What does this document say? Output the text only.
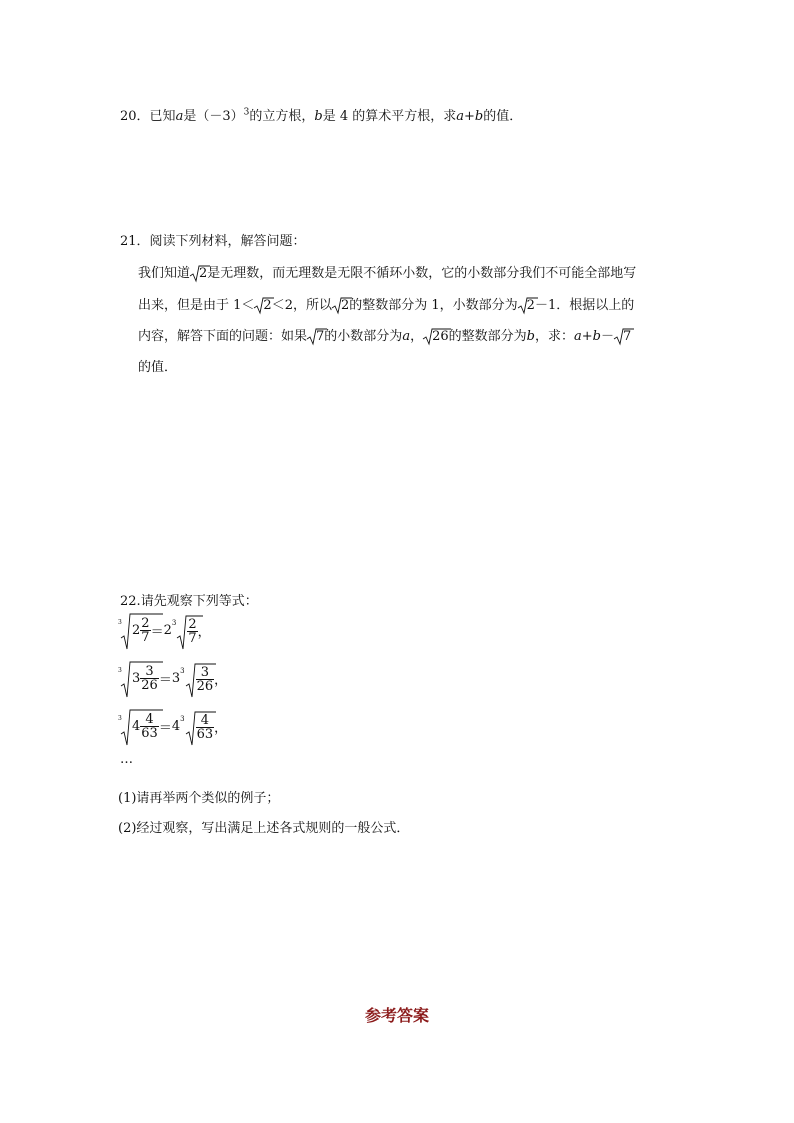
20．已知a是$(-3)^3$的立方根，b是 4 的算术平方根，求a+b的值．
21．阅读下列材料，解答问题：
我们知道 2是无理数，而无理数是无限不循环小数，它的小数部分我们不可能全部地写
出来，但是由于 1＜ 2＜2，所以 2的整数部分为 1，小数部分为 2－1．根据以上的
内容，解答下面的问题：如果 7的小数部分为a， 26的整数部分为b，求：a+b－ 7
的值．
22.请先观察下列等式：
3
$2 \frac{2}{7} = 2$
$3 \frac{2}{7}$ ，
3
$3 \frac{3}{26} = 3$
$3 \frac{3}{26}$ ，
3
$4 \frac{4}{63} = 4$
$3 \frac{4}{63}$ ，
…
(1)请再举两个类似的例子；
(2)经过观察，写出满足上述各式规则的一般公式．
参考答案
